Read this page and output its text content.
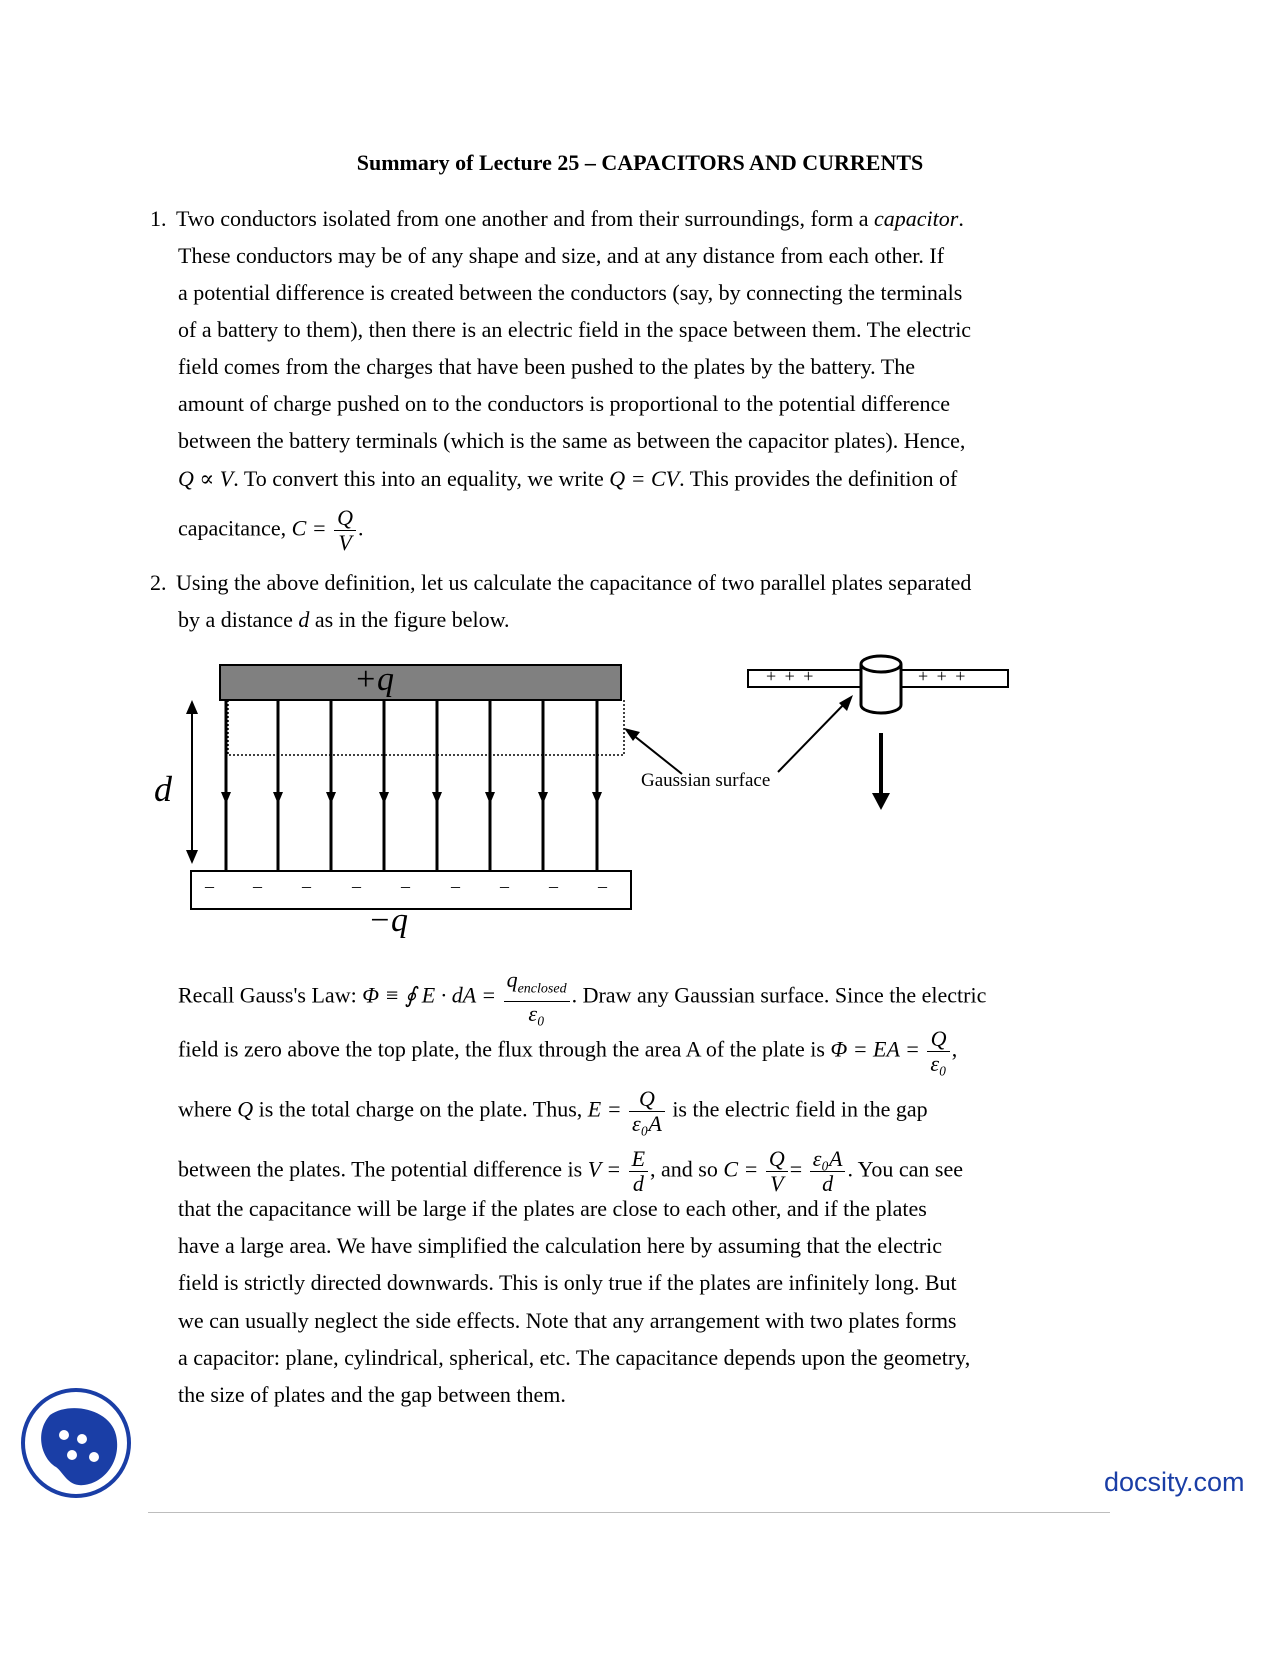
Summary of Lecture 25 – CAPACITORS AND CURRENTS
1. Two conductors isolated from one another and from their surroundings, form a capacitor.
These conductors may be of any shape and size, and at any distance from each other. If
a potential difference is created between the conductors (say, by connecting the terminals
of a battery to them), then there is an electric field in the space between them. The electric
field comes from the charges that have been pushed to the plates by the battery. The
amount of charge pushed on to the conductors is proportional to the potential difference
between the battery terminals (which is the same as between the capacitor plates). Hence,
Q ∝ V. To convert this into an equality, we write Q = CV. This provides the definition of
capacitance, $C = \frac{Q}{V}$ .
2. Using the above definition, let us calculate the capacitance of two parallel plates separated
by a distance d as in the figure below.
+q
−q
d
+ + +	+ + +
Gaussian surface
– – – – – – – – –
Recall Gauss's Law: Φ ≡ ∮ E · dA = $\frac{q_{enclosed}}{\text{ε₀}}$ . Draw any Gaussian surface. Since the electric
field is zero above the top plate, the flux through the area A of the plate is Φ = EA = $\frac{Q}{\text{ε₀}}$ ,
where Q is the total charge on the plate. Thus, $E = \frac{Q}{\text{ε₀A}}$ is the electric field in the gap
between the plates. The potential difference is $V = \frac{E}{d}$ , and so $C = \frac{Q}{V} = \frac{\text{ε₀A}}{d}$ . You can see
that the capacitance will be large if the plates are close to each other, and if the plates
have a large area. We have simplified the calculation here by assuming that the electric
field is strictly directed downwards. This is only true if the plates are infinitely long. But
we can usually neglect the side effects. Note that any arrangement with two plates forms
a capacitor: plane, cylindrical, spherical, etc. The capacitance depends upon the geometry,
the size of plates and the gap between them.
docsity.com
